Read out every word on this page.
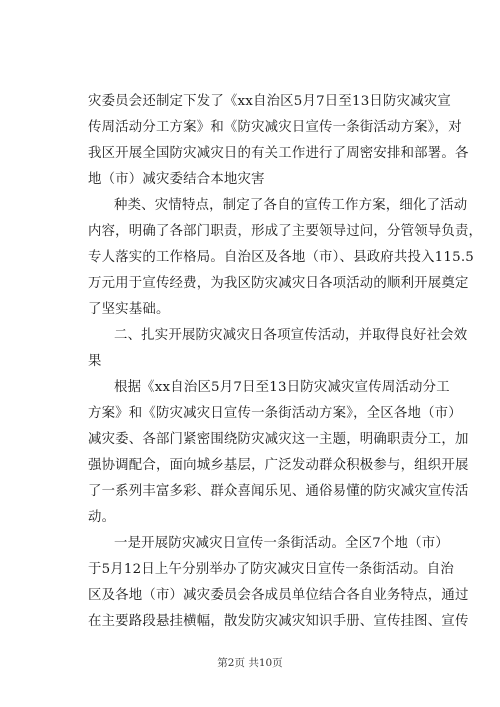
灾委员会还制定下发了《xx自治区5月7日至13日防灾减灾宣
传周活动分工方案》和《防灾减灾日宣传一条街活动方案》，对
我区开展全国防灾减灾日的有关工作进行了周密安排和部署。各
地（市）减灾委结合本地灾害
种类、灾情特点，制定了各自的宣传工作方案，细化了活动
内容，明确了各部门职责，形成了主要领导过问，分管领导负责，
专人落实的工作格局。自治区及各地（市）、县政府共投入115.5
万元用于宣传经费，为我区防灾减灾日各项活动的顺利开展奠定
了坚实基础。
二、扎实开展防灾减灾日各项宣传活动，并取得良好社会效
果
根据《xx自治区5月7日至13日防灾减灾宣传周活动分工
方案》和《防灾减灾日宣传一条街活动方案》，全区各地（市）
减灾委、各部门紧密围绕防灾减灾这一主题，明确职责分工，加
强协调配合，面向城乡基层，广泛发动群众积极参与，组织开展
了一系列丰富多彩、群众喜闻乐见、通俗易懂的防灾减灾宣传活
动。
一是开展防灾减灾日宣传一条街活动。全区7个地（市）
于5月12日上午分别举办了防灾减灾日宣传一条街活动。自治
区及各地（市）减灾委员会各成员单位结合各自业务特点，通过
在主要路段悬挂横幅，散发防灾减灾知识手册、宣传挂图、宣传
第2页 共10页
